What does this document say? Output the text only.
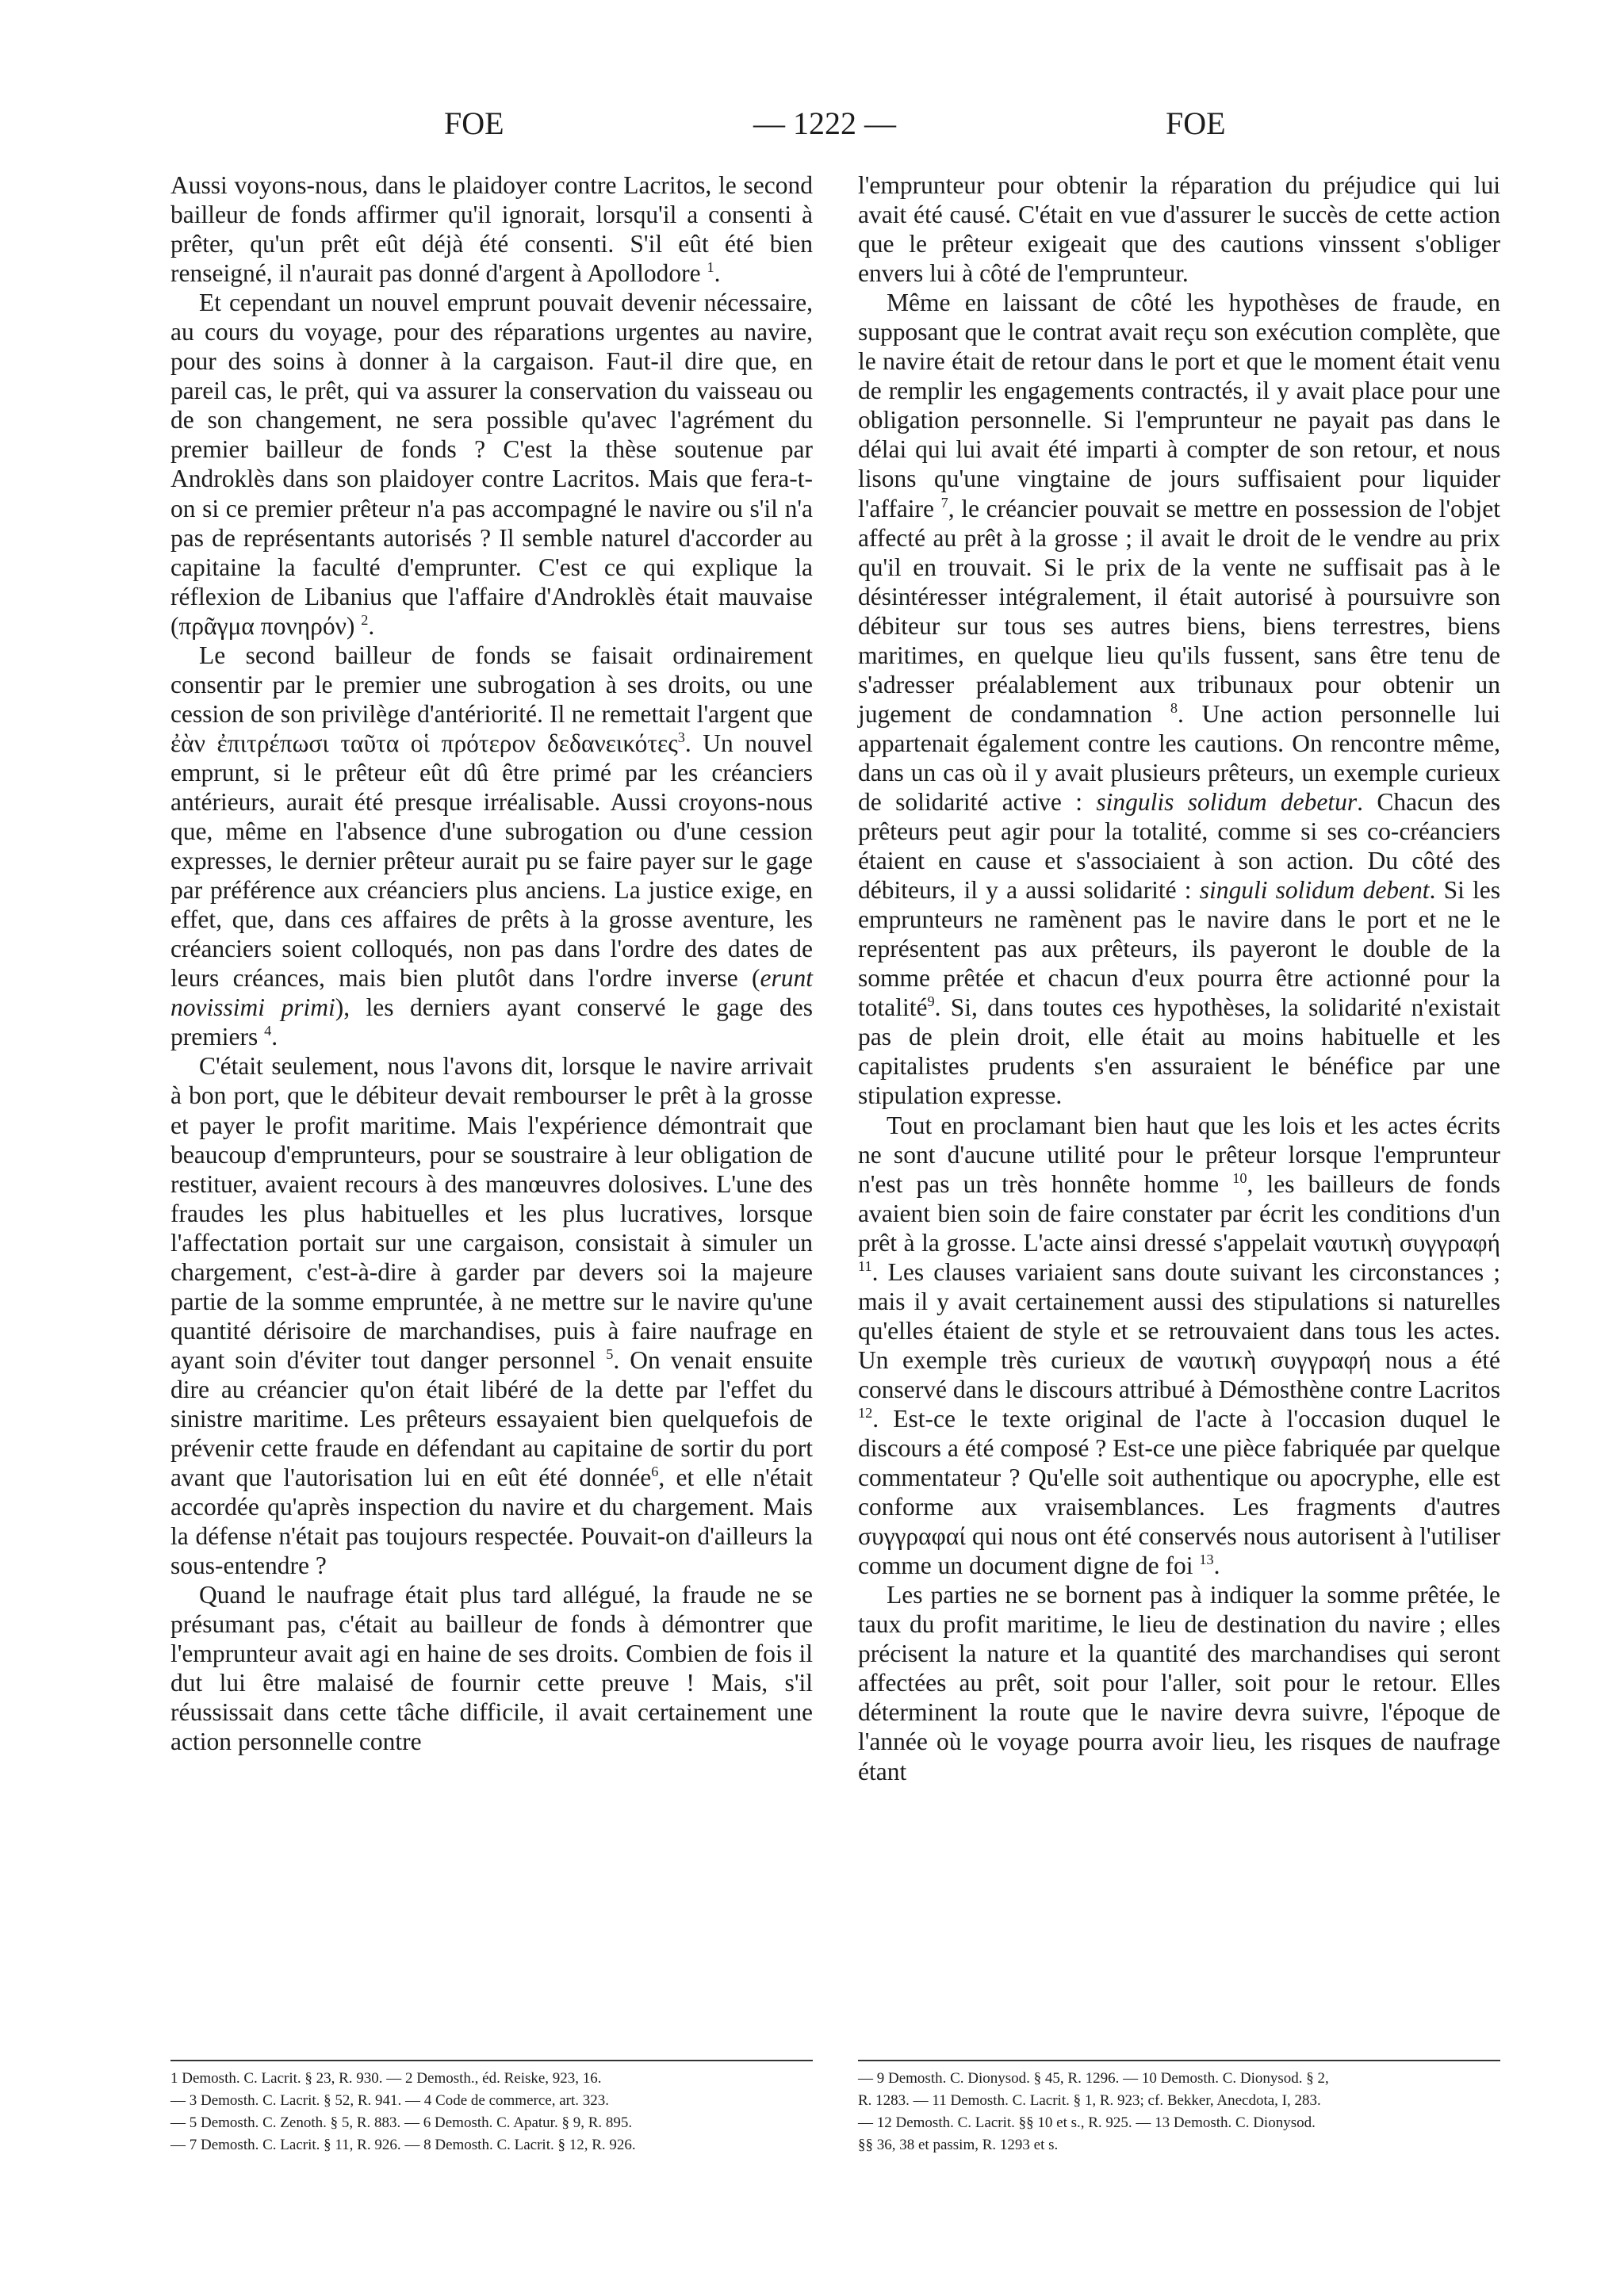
FOE	— 1222 —	FOE

Aussi voyons-nous, dans le plaidoyer contre Lacritos, le second bailleur de fonds affirmer qu'il ignorait, lorsqu'il a consenti à prêter, qu'un prêt eût déjà été consenti. S'il eût été bien renseigné, il n'aurait pas donné d'argent à Apollodore $^1$.

Et cependant un nouvel emprunt pouvait devenir nécessaire, au cours du voyage, pour des réparations urgentes au navire, pour des soins à donner à la cargaison. Faut-il dire que, en pareil cas, le prêt, qui va assurer la conservation du vaisseau ou de son changement, ne sera possible qu'avec l'agrément du premier bailleur de fonds ? C'est la thèse soutenue par Androklès dans son plaidoyer contre Lacritos. Mais que fera-t-on si ce premier prêteur n'a pas accompagné le navire ou s'il n'a pas de représentants autorisés ? Il semble naturel d'accorder au capitaine la faculté d'emprunter. C'est ce qui explique la réflexion de Libanius que l'affaire d'Androklès était mauvaise (πρᾶγμα πονηρόν) $^2$.

Le second bailleur de fonds se faisait ordinairement consentir par le premier une subrogation à ses droits, ou une cession de son privilège d'antériorité. Il ne remettait l'argent que ἐὰν ἐπιτρέπωσι ταῦτα οἱ πρότερον δεδανεικότες$^3$. Un nouvel emprunt, si le prêteur eût dû être primé par les créanciers antérieurs, aurait été presque irréalisable. Aussi croyons-nous que, même en l'absence d'une subrogation ou d'une cession expresses, le dernier prêteur aurait pu se faire payer sur le gage par préférence aux créanciers plus anciens. La justice exige, en effet, que, dans ces affaires de prêts à la grosse aventure, les créanciers soient colloqués, non pas dans l'ordre des dates de leurs créances, mais bien plutôt dans l'ordre inverse (erunt novissimi primi), les derniers ayant conservé le gage des premiers $^4$.

C'était seulement, nous l'avons dit, lorsque le navire arrivait à bon port, que le débiteur devait rembourser le prêt à la grosse et payer le profit maritime. Mais l'expérience démontrait que beaucoup d'emprunteurs, pour se soustraire à leur obligation de restituer, avaient recours à des manœuvres dolosives. L'une des fraudes les plus habituelles et les plus lucratives, lorsque l'affectation portait sur une cargaison, consistait à simuler un chargement, c'est-à-dire à garder par devers soi la majeure partie de la somme empruntée, à ne mettre sur le navire qu'une quantité dérisoire de marchandises, puis à faire naufrage en ayant soin d'éviter tout danger personnel $^5$. On venait ensuite dire au créancier qu'on était libéré de la dette par l'effet du sinistre maritime. Les prêteurs essayaient bien quelquefois de prévenir cette fraude en défendant au capitaine de sortir du port avant que l'autorisation lui en eût été donnée$^6$, et elle n'était accordée qu'après inspection du navire et du chargement. Mais la défense n'était pas toujours respectée. Pouvait-on d'ailleurs la sous-entendre ?

Quand le naufrage était plus tard allégué, la fraude ne se présumant pas, c'était au bailleur de fonds à démontrer que l'emprunteur avait agi en haine de ses droits. Combien de fois il dut lui être malaisé de fournir cette preuve ! Mais, s'il réussissait dans cette tâche difficile, il avait certainement une action personnelle contre

l'emprunteur pour obtenir la réparation du préjudice qui lui avait été causé. C'était en vue d'assurer le succès de cette action que le prêteur exigeait que des cautions vinssent s'obliger envers lui à côté de l'emprunteur.

Même en laissant de côté les hypothèses de fraude, en supposant que le contrat avait reçu son exécution complète, que le navire était de retour dans le port et que le moment était venu de remplir les engagements contractés, il y avait place pour une obligation personnelle. Si l'emprunteur ne payait pas dans le délai qui lui avait été imparti à compter de son retour, et nous lisons qu'une vingtaine de jours suffisaient pour liquider l'affaire $^7$, le créancier pouvait se mettre en possession de l'objet affecté au prêt à la grosse ; il avait le droit de le vendre au prix qu'il en trouvait. Si le prix de la vente ne suffisait pas à le désintéresser intégralement, il était autorisé à poursuivre son débiteur sur tous ses autres biens, biens terrestres, biens maritimes, en quelque lieu qu'ils fussent, sans être tenu de s'adresser préalablement aux tribunaux pour obtenir un jugement de condamnation $^8$. Une action personnelle lui appartenait également contre les cautions. On rencontre même, dans un cas où il y avait plusieurs prêteurs, un exemple curieux de solidarité active : singulis solidum debetur. Chacun des prêteurs peut agir pour la totalité, comme si ses co-créanciers étaient en cause et s'associaient à son action. Du côté des débiteurs, il y a aussi solidarité : singuli solidum debent. Si les emprunteurs ne ramènent pas le navire dans le port et ne le représentent pas aux prêteurs, ils payeront le double de la somme prêtée et chacun d'eux pourra être actionné pour la totalité$^9$. Si, dans toutes ces hypothèses, la solidarité n'existait pas de plein droit, elle était au moins habituelle et les capitalistes prudents s'en assuraient le bénéfice par une stipulation expresse.

Tout en proclamant bien haut que les lois et les actes écrits ne sont d'aucune utilité pour le prêteur lorsque l'emprunteur n'est pas un très honnête homme $^{10}$, les bailleurs de fonds avaient bien soin de faire constater par écrit les conditions d'un prêt à la grosse. L'acte ainsi dressé s'appelait ναυτικὴ συγγραφή $^{11}$. Les clauses variaient sans doute suivant les circonstances ; mais il y avait certainement aussi des stipulations si naturelles qu'elles étaient de style et se retrouvaient dans tous les actes. Un exemple très curieux de ναυτικὴ συγγραφή nous a été conservé dans le discours attribué à Démosthène contre Lacritos $^{12}$. Est-ce le texte original de l'acte à l'occasion duquel le discours a été composé ? Est-ce une pièce fabriquée par quelque commentateur ? Qu'elle soit authentique ou apocryphe, elle est conforme aux vraisemblances. Les fragments d'autres συγγραφαί qui nous ont été conservés nous autorisent à l'utiliser comme un document digne de foi $^{13}$.

Les parties ne se bornent pas à indiquer la somme prêtée, le taux du profit maritime, le lieu de destination du navire ; elles précisent la nature et la quantité des marchandises qui seront affectées au prêt, soit pour l'aller, soit pour le retour. Elles déterminent la route que le navire devra suivre, l'époque de l'année où le voyage pourra avoir lieu, les risques de naufrage étant

1 Demosth. C. Lacrit. § 23, R. 930. — 2 Demosth., éd. Reiske, 923, 16.
— 3 Demosth. C. Lacrit. § 52, R. 941. — 4 Code de commerce, art. 323.
— 5 Demosth. C. Zenoth. § 5, R. 883. — 6 Demosth. C. Apatur. § 9, R. 895.
— 7 Demosth. C. Lacrit. § 11, R. 926. — 8 Demosth. C. Lacrit. § 12, R. 926.
— 9 Demosth. C. Dionysod. § 45, R. 1296. — 10 Demosth. C. Dionysod. § 2,
R. 1283. — 11 Demosth. C. Lacrit. § 1, R. 923; cf. Bekker, Anecdota, I, 283.
— 12 Demosth. C. Lacrit. §§ 10 et s., R. 925. — 13 Demosth. C. Dionysod.
§§ 36, 38 et passim, R. 1293 et s.
